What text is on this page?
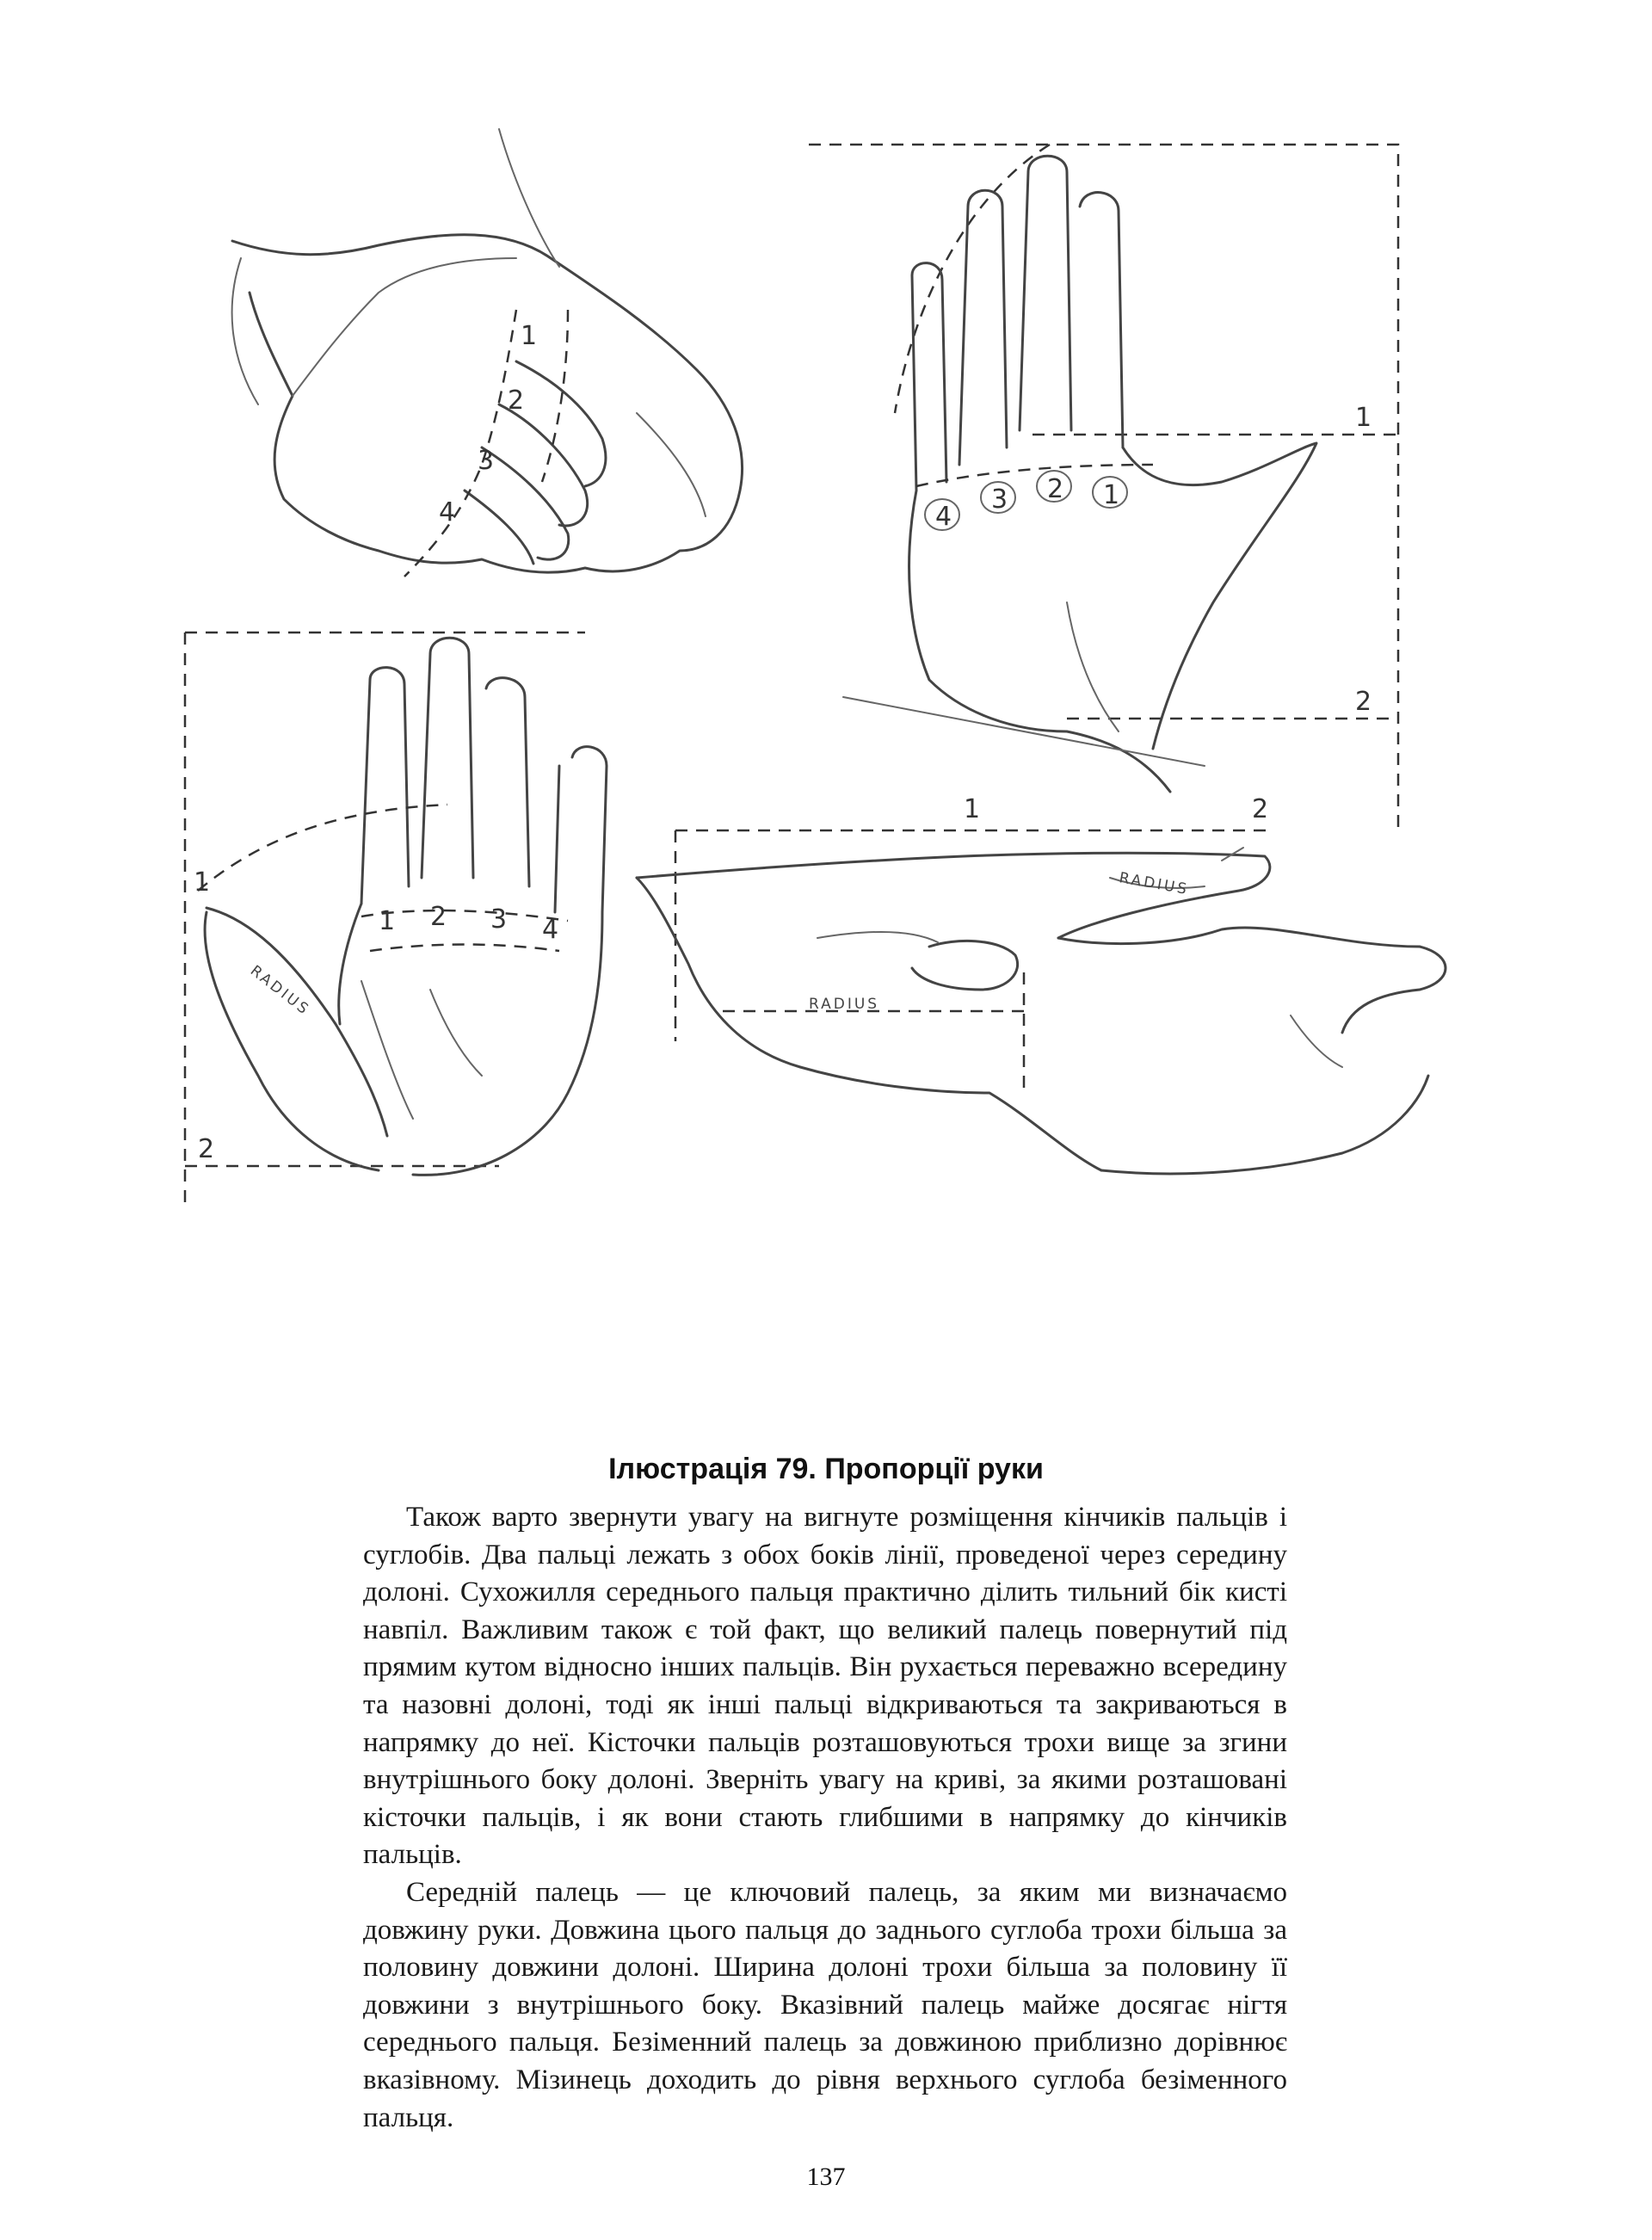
1
2
3
4
1
2
1
2
3
4
1
2
1 2 3 4
RADIUS
1	2
RADIUS
RADIUS
Ілюстрація 79. Пропорції руки

Також варто звернути увагу на вигнуте розміщення кінчиків пальців і суглобів. Два пальці лежать з обох боків лінії, проведеної через середину долоні. Сухожилля середнього пальця практично ділить тильний бік кисті навпіл. Важливим також є той факт, що великий палець повернутий під прямим кутом відносно інших пальців. Він рухається переважно всередину та назовні долоні, тоді як інші пальці відкриваються та закриваються в напрямку до неї. Кісточки пальців розташовуються трохи вище за згини внутрішнього боку долоні. Зверніть увагу на криві, за якими розташовані кісточки пальців, і як вони стають глибшими в напрямку до кінчиків пальців.

Середній палець — це ключовий палець, за яким ми визначаємо довжину руки. Довжина цього пальця до заднього суглоба трохи більша за половину довжини долоні. Ширина долоні трохи більша за половину її довжини з внутрішнього боку. Вказівний палець майже досягає нігтя середнього пальця. Безіменний палець за довжиною приблизно дорівнює вказівному. Мізинець доходить до рівня верхнього суглоба безіменного пальця.

137
